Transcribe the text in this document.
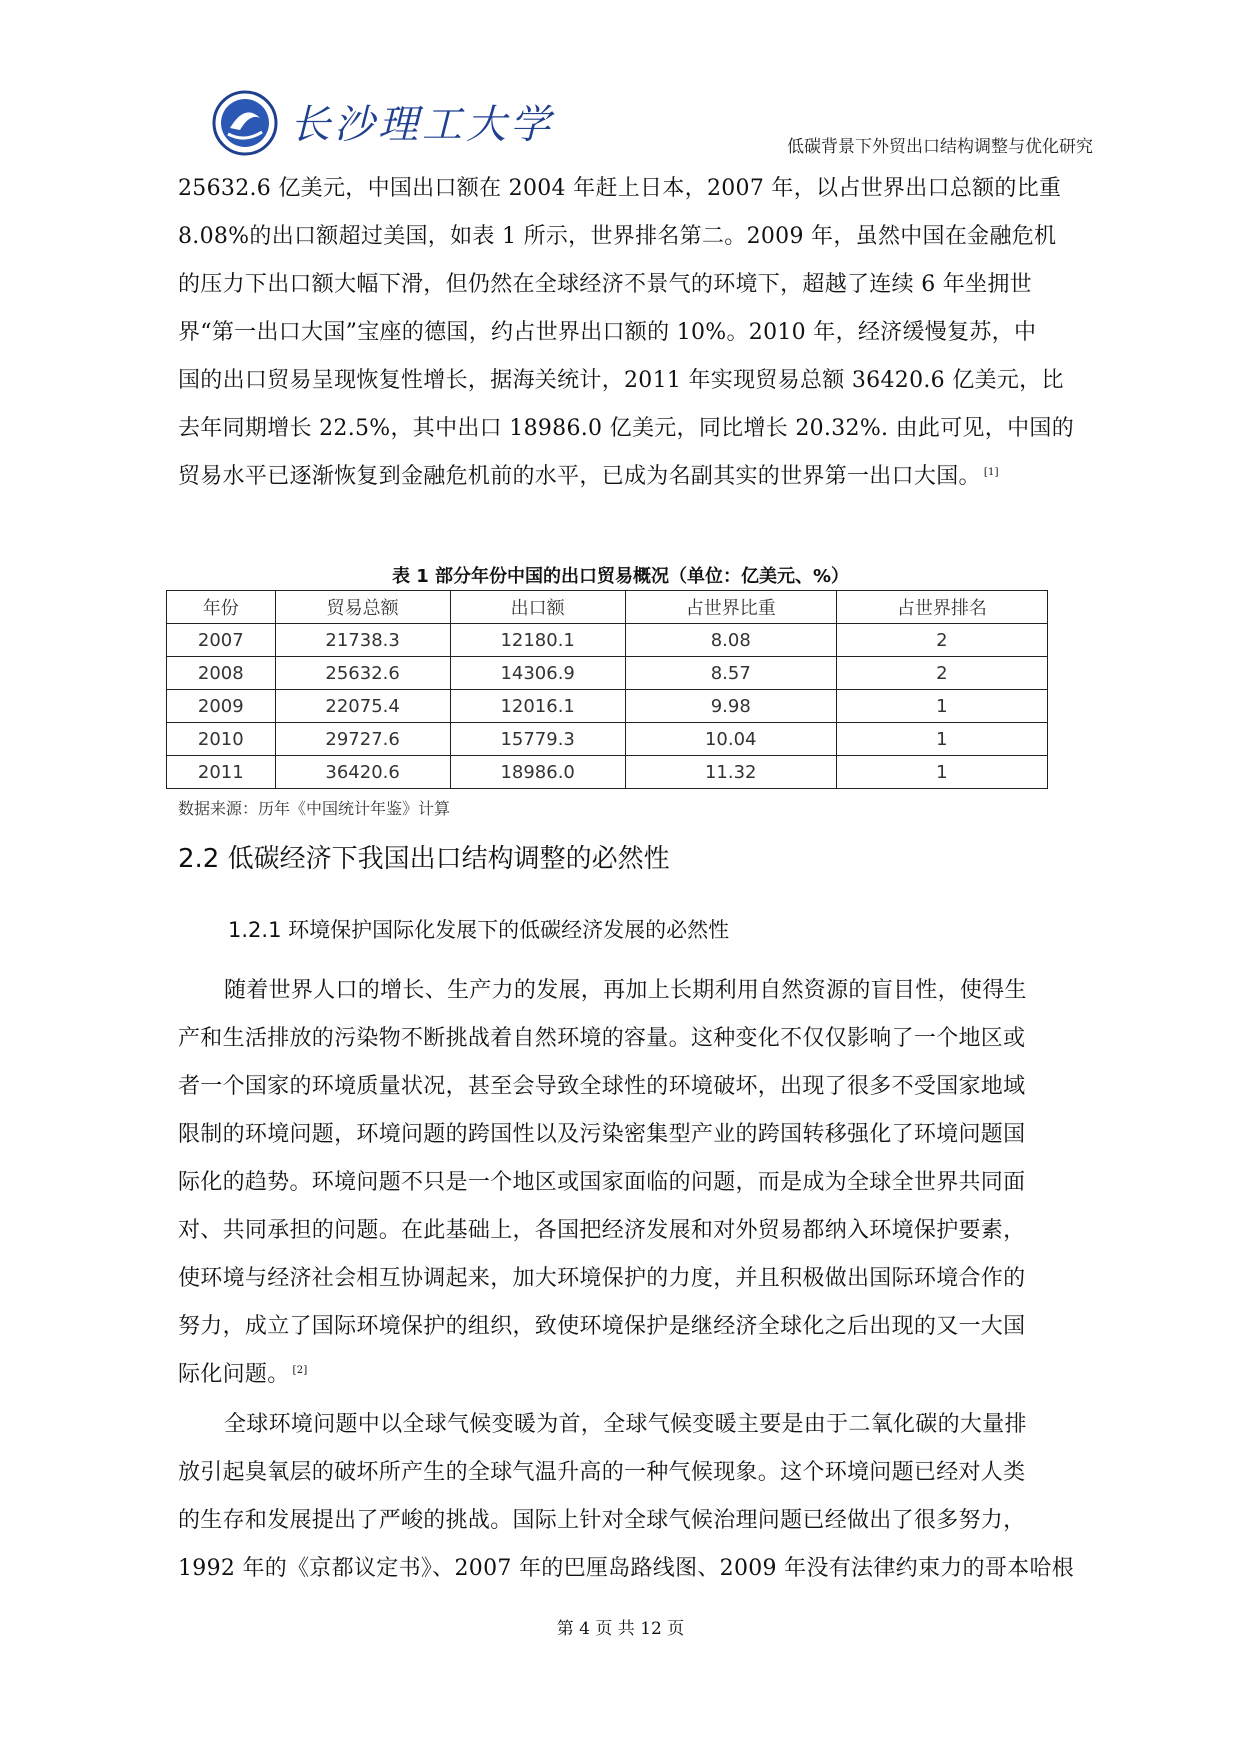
长沙理工大学	低碳背景下外贸出口结构调整与优化研究
25632.6 亿美元，中国出口额在 2004 年赶上日本，2007 年，以占世界出口总额的比重
8.08%的出口额超过美国，如表 1 所示，世界排名第二。2009 年，虽然中国在金融危机
的压力下出口额大幅下滑，但仍然在全球经济不景气的环境下，超越了连续 6 年坐拥世
界“第一出口大国”宝座的德国，约占世界出口额的 10%。2010 年，经济缓慢复苏，中
国的出口贸易呈现恢复性增长，据海关统计，2011 年实现贸易总额 36420.6 亿美元，比
去年同期增长 22.5%，其中出口 18986.0 亿美元，同比增长 20.32%. 由此可见，中国的
贸易水平已逐渐恢复到金融危机前的水平，已成为名副其实的世界第一出口大国。 [1]
表 1 部分年份中国的出口贸易概况（单位：亿美元、%）
年份	贸易总额	出口额	占世界比重	占世界排名
2007	21738.3	12180.1	8.08	2
2008	25632.6	14306.9	8.57	2
2009	22075.4	12016.1	9.98	1
2010	29727.6	15779.3	10.04	1
2011	36420.6	18986.0	11.32	1
数据来源：历年《中国统计年鉴》计算
2.2 低碳经济下我国出口结构调整的必然性
1.2.1 环境保护国际化发展下的低碳经济发展的必然性
随着世界人口的增长、生产力的发展，再加上长期利用自然资源的盲目性，使得生
产和生活排放的污染物不断挑战着自然环境的容量。这种变化不仅仅影响了一个地区或
者一个国家的环境质量状况，甚至会导致全球性的环境破坏，出现了很多不受国家地域
限制的环境问题，环境问题的跨国性以及污染密集型产业的跨国转移强化了环境问题国
际化的趋势。环境问题不只是一个地区或国家面临的问题，而是成为全球全世界共同面
对、共同承担的问题。在此基础上，各国把经济发展和对外贸易都纳入环境保护要素，
使环境与经济社会相互协调起来，加大环境保护的力度，并且积极做出国际环境合作的
努力，成立了国际环境保护的组织，致使环境保护是继经济全球化之后出现的又一大国
际化问题。 [2]
全球环境问题中以全球气候变暖为首，全球气候变暖主要是由于二氧化碳的大量排
放引起臭氧层的破坏所产生的全球气温升高的一种气候现象。这个环境问题已经对人类
的生存和发展提出了严峻的挑战。国际上针对全球气候治理问题已经做出了很多努力，
1992 年的《京都议定书》、2007 年的巴厘岛路线图、2009 年没有法律约束力的哥本哈根
第 4 页 共 12 页
